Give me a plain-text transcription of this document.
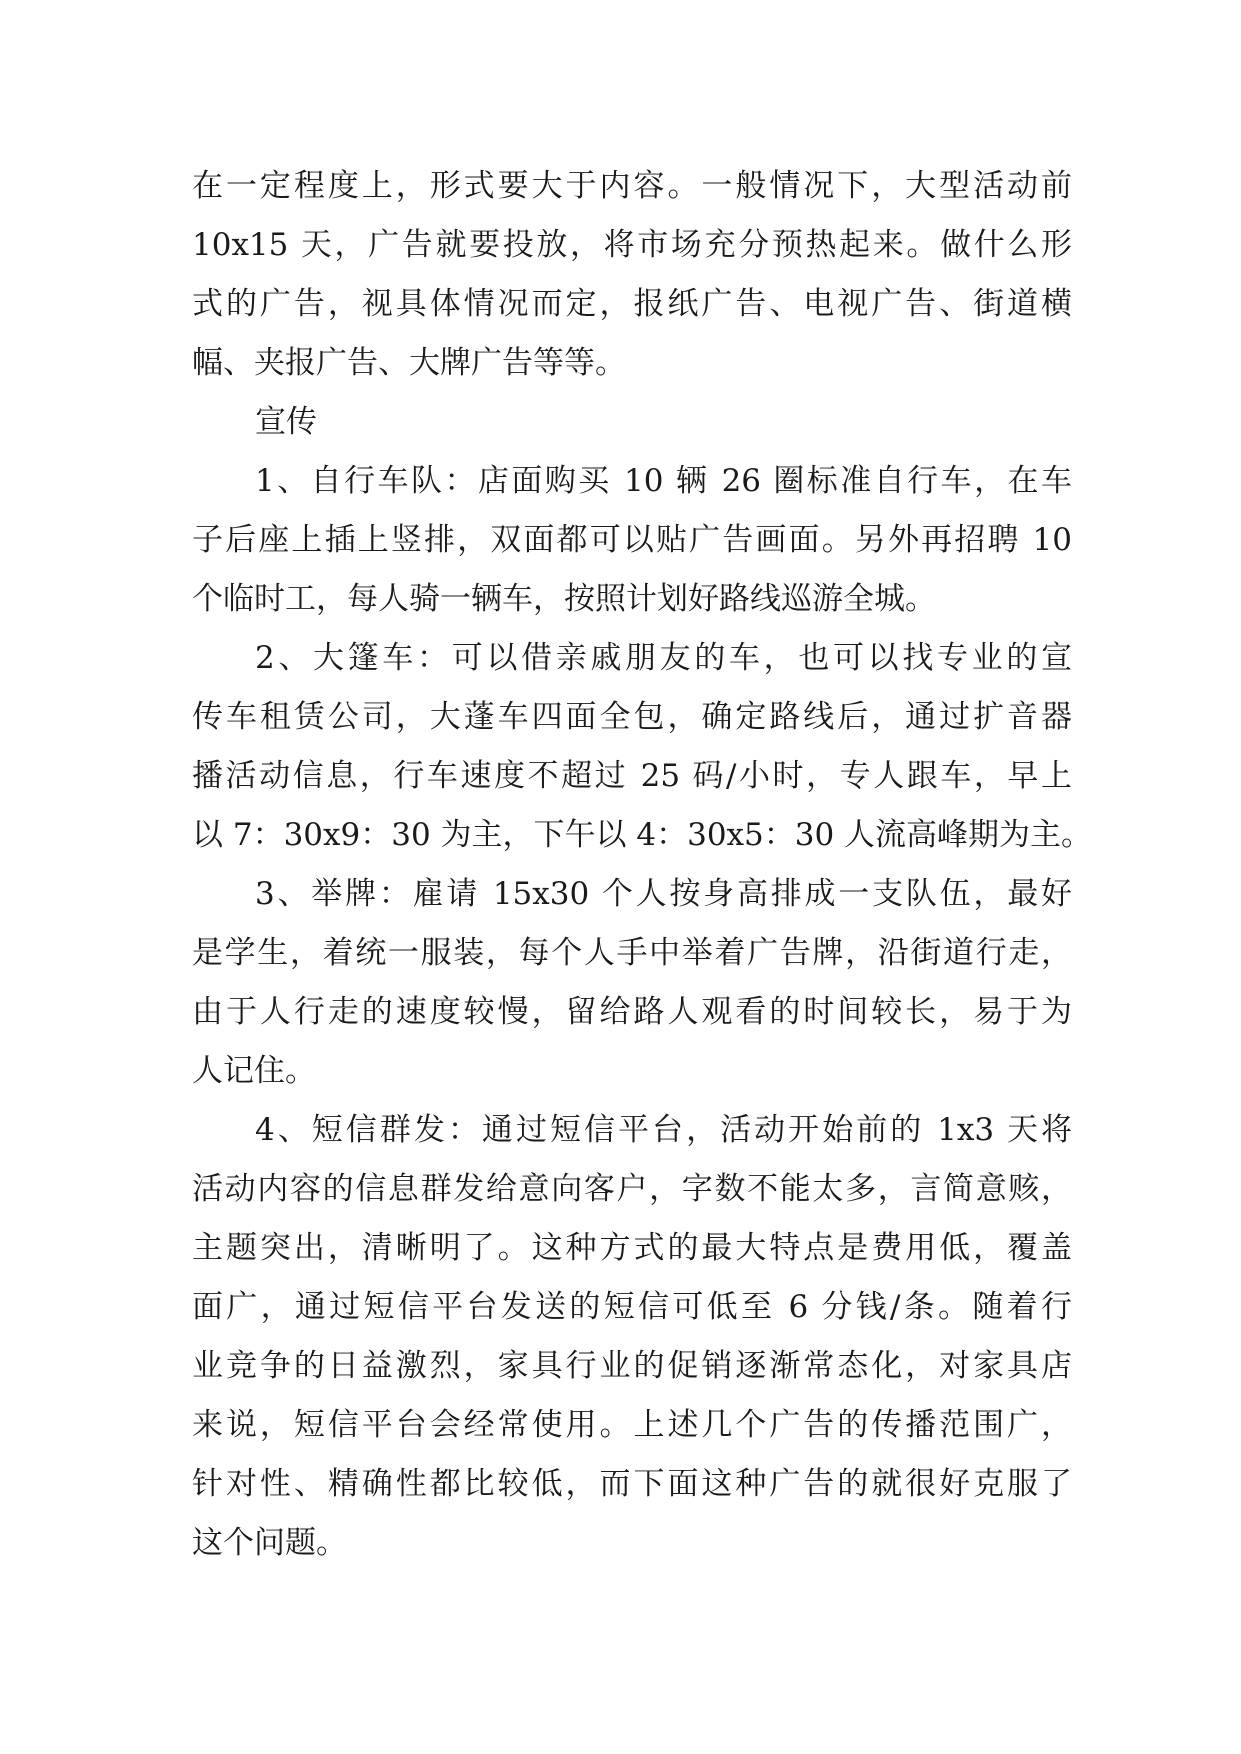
在一定程度上，形式要大于内容。一般情况下，大型活动前
10x15 天，广告就要投放，将市场充分预热起来。做什么形
式的广告，视具体情况而定，报纸广告、电视广告、街道横
幅、夹报广告、大牌广告等等。

宣传

1、自行车队：店面购买 10 辆 26 圈标准自行车，在车
子后座上插上竖排，双面都可以贴广告画面。另外再招聘 10
个临时工，每人骑一辆车，按照计划好路线巡游全城。

2、大篷车：可以借亲戚朋友的车，也可以找专业的宣
传车租赁公司，大蓬车四面全包，确定路线后，通过扩音器
播活动信息，行车速度不超过 25 码/小时，专人跟车，早上
以 7：30x9：30 为主，下午以 4：30x5：30 人流高峰期为主。

3、举牌：雇请 15x30 个人按身高排成一支队伍，最好
是学生，着统一服装，每个人手中举着广告牌，沿街道行走，
由于人行走的速度较慢，留给路人观看的时间较长，易于为
人记住。

4、短信群发：通过短信平台，活动开始前的 1x3 天将
活动内容的信息群发给意向客户，字数不能太多，言简意赅，
主题突出，清晰明了。这种方式的最大特点是费用低，覆盖
面广，通过短信平台发送的短信可低至 6 分钱/条。随着行
业竞争的日益激烈，家具行业的促销逐渐常态化，对家具店
来说，短信平台会经常使用。上述几个广告的传播范围广，
针对性、精确性都比较低，而下面这种广告的就很好克服了
这个问题。
